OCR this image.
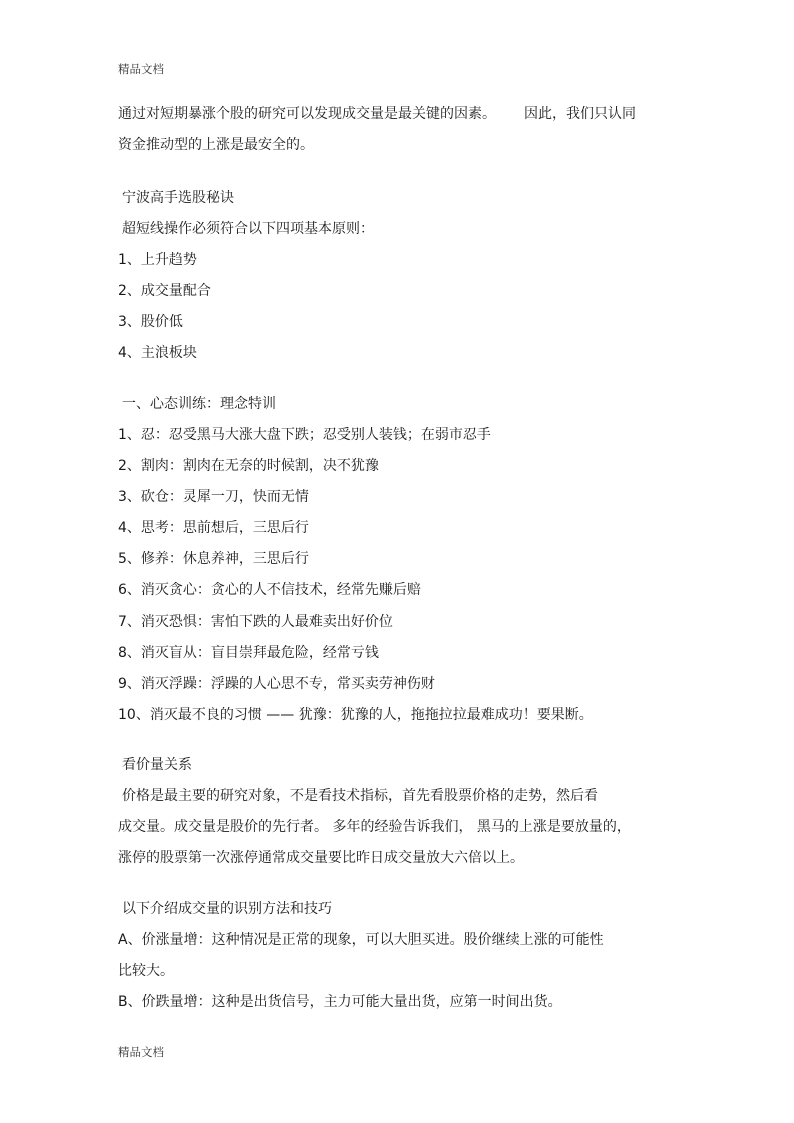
精品文档
通过对短期暴涨个股的研究可以发现成交量是最关键的因素。 因此，我们只认同
资金推动型的上涨是最安全的。
宁波高手选股秘诀
超短线操作必须符合以下四项基本原则：
1、上升趋势
2、成交量配合
3、股价低
4、主浪板块
一、心态训练：理念特训
1、忍：忍受黑马大涨大盘下跌；忍受别人装钱；在弱市忍手
2、割肉：割肉在无奈的时候割，决不犹豫
3、砍仓：灵犀一刀，快而无情
4、思考：思前想后，三思后行
5、修养：休息养神，三思后行
6、消灭贪心：贪心的人不信技术，经常先赚后赔
7、消灭恐惧：害怕下跌的人最难卖出好价位
8、消灭盲从：盲目崇拜最危险，经常亏钱
9、消灭浮躁：浮躁的人心思不专，常买卖劳神伤财
10、消灭最不良的习惯 —— 犹豫：犹豫的人，拖拖拉拉最难成功！要果断。
看价量关系
价格是最主要的研究对象，不是看技术指标，首先看股票价格的走势，然后看
成交量。成交量是股价的先行者。 多年的经验告诉我们， 黑马的上涨是要放量的，
涨停的股票第一次涨停通常成交量要比昨日成交量放大六倍以上。
以下介绍成交量的识别方法和技巧
A、价涨量增：这种情况是正常的现象，可以大胆买进。股价继续上涨的可能性
比较大。
B、价跌量增：这种是出货信号，主力可能大量出货，应第一时间出货。
精品文档
